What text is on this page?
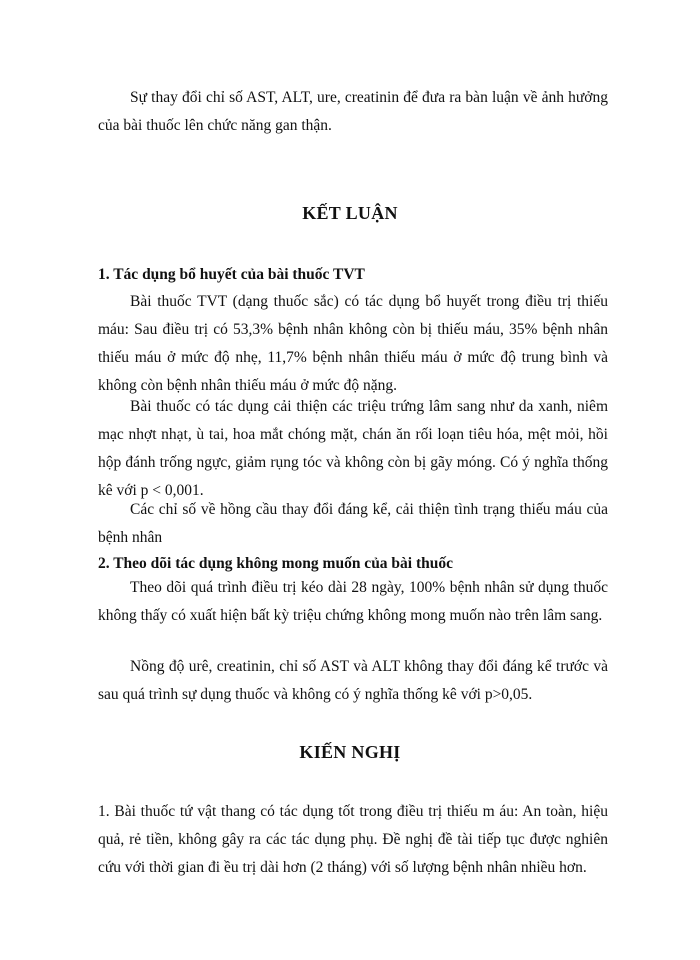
Sự thay đổi chỉ số AST, ALT, ure, creatinin để đưa ra bàn luận về ảnh hưởng của bài thuốc lên chức năng gan thận.

KẾT LUẬN
1. Tác dụng bổ huyết của bài thuốc TVT

Bài thuốc TVT (dạng thuốc sắc) có tác dụng bổ huyết trong điều trị thiếu máu: Sau điều trị có 53,3% bệnh nhân không còn bị thiếu máu, 35% bệnh nhân thiếu máu ở mức độ nhẹ, 11,7% bệnh nhân thiếu máu ở mức độ trung bình và không còn bệnh nhân thiếu máu ở mức độ nặng.

Bài thuốc có tác dụng cải thiện các triệu trứng lâm sang như da xanh, niêm mạc nhợt nhạt, ù tai, hoa mắt chóng mặt, chán ăn rối loạn tiêu hóa, mệt mỏi, hồi hộp đánh trống ngực, giảm rụng tóc và không còn bị gãy móng. Có ý nghĩa thống kê với p < 0,001.

Các chỉ số về hồng cầu thay đổi đáng kể, cải thiện tình trạng thiếu máu của bệnh nhân

2. Theo dõi tác dụng không mong muốn của bài thuốc

Theo dõi quá trình điều trị kéo dài 28 ngày, 100% bệnh nhân sử dụng thuốc không thấy có xuất hiện bất kỳ triệu chứng không mong muốn nào trên lâm sang.

Nồng độ urê, creatinin, chỉ số AST và ALT không thay đổi đáng kể trước và sau quá trình sự dụng thuốc và không có ý nghĩa thống kê với p>0,05.

KIẾN NGHỊ

1. Bài thuốc tứ vật thang có tác dụng tốt trong điều trị thiếu m áu: An toàn, hiệu quả, rẻ tiền, không gây ra các tác dụng phụ. Đề nghị đề tài tiếp tục được nghiên cứu với thời gian đi ều trị dài hơn (2 tháng) với số lượng bệnh nhân nhiều hơn.
